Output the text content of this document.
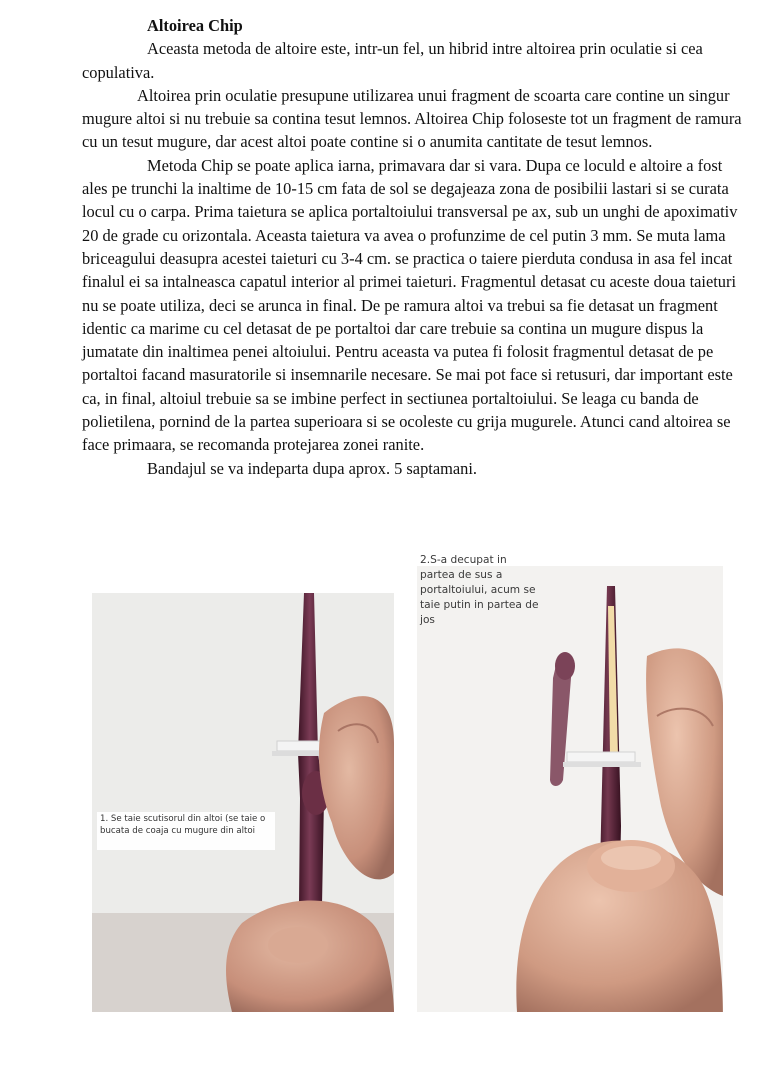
Altoirea Chip

Aceasta metoda de altoire este, intr-un fel, un hibrid intre altoirea prin oculatie si cea copulativa.

Altoirea prin oculatie presupune utilizarea unui fragment de scoarta care contine un singur mugure altoi si nu trebuie sa contina tesut lemnos. Altoirea Chip foloseste tot un fragment de ramura cu un tesut mugure, dar acest altoi poate contine si o anumita cantitate de tesut lemnos.

Metoda Chip se poate aplica iarna, primavara dar si vara. Dupa ce loculd e altoire a fost ales pe trunchi la inaltime de 10-15 cm fata de sol se degajeaza zona de posibilii lastari si se curata locul cu o carpa. Prima taietura se aplica portaltoiului transversal pe ax, sub un unghi de apoximativ 20 de grade cu orizontala. Aceasta taietura va avea o profunzime de cel putin 3 mm. Se muta lama briceagului deasupra acestei taieturi cu 3-4 cm. se practica o taiere pierduta condusa in asa fel incat finalul ei sa intalneasca capatul interior al primei taieturi. Fragmentul detasat cu aceste doua taieturi nu se poate utiliza, deci se arunca in final. De pe ramura altoi va trebui sa fie detasat un fragment identic ca marime cu cel detasat de pe portaltoi dar care trebuie sa contina un mugure dispus la jumatate din inaltimea penei altoiului. Pentru aceasta va putea fi folosit fragmentul detasat de pe portaltoi facand masuratorile si insemnarile necesare. Se mai pot face si retusuri, dar important este ca, in final, altoiul trebuie sa se imbine perfect in sectiunea portaltoiului. Se leaga cu banda de polietilena, pornind de la partea superioara si se ocoleste cu grija mugurele. Atunci cand altoirea se face primaara, se recomanda protejarea zonei ranite.

Bandajul se va indeparta dupa aprox. 5 saptamani.

1. Se taie scutisorul din altoi (se taie o bucata de coaja cu mugure din altoi
2.S-a decupat in partea de sus a portaltoiului, acum se taie putin in partea de jos
